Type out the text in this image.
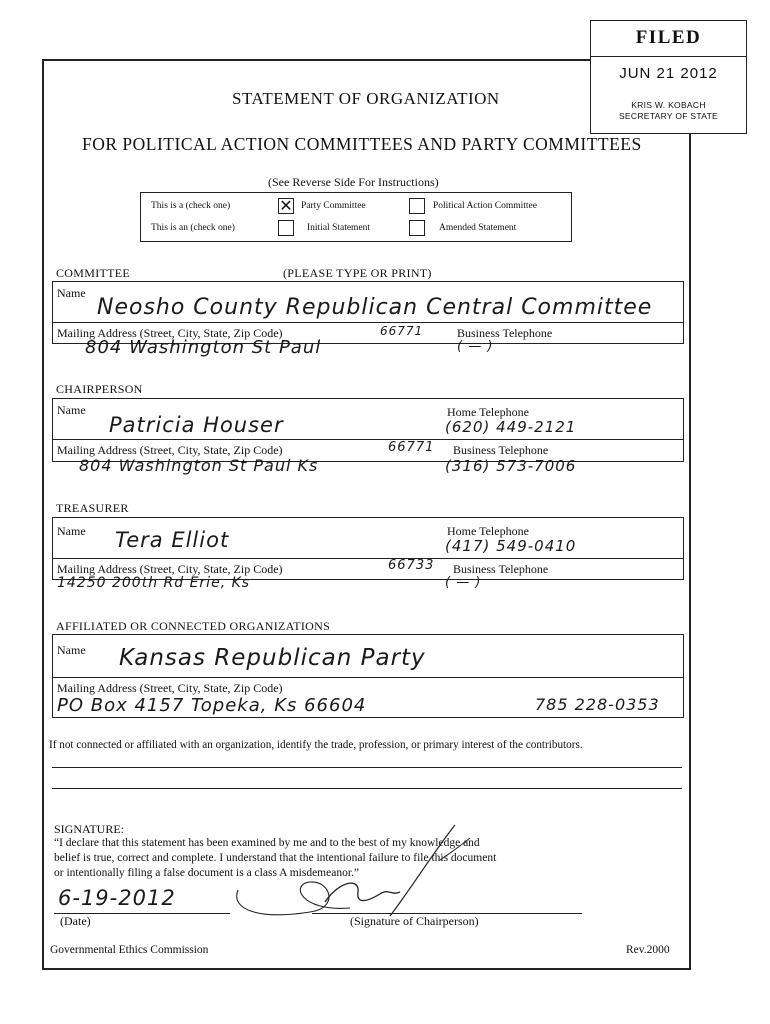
FILED
JUN 21 2012
KRIS W. KOBACH
SECRETARY OF STATE
STATEMENT OF ORGANIZATION
FOR POLITICAL ACTION COMMITTEES AND PARTY COMMITTEES
(See Reverse Side For Instructions)
This is a (check one)
This is an (check one)
✕ Party Committee	Political Action Committee
Initial Statement	Amended Statement
COMMITTEE	(PLEASE TYPE OR PRINT)
Name
Neosho County Republican Central Committee
Mailing Address (Street, City, State, Zip Code)	66771	Business Telephone
804 Washington St Paul	( — )
CHAIRPERSON
Name
Patricia Houser
Home Telephone
(620) 449-2121
Mailing Address (Street, City, State, Zip Code)	66771 Business Telephone
804 Washington St Paul Ks	(316) 573-7006
TREASURER
Name Tera Elliot	Home Telephone
(417) 549-0410
Mailing Address (Street, City, State, Zip Code)	66733 Business Telephone
14250 200th Rd Erie, Ks	( — )
AFFILIATED OR CONNECTED ORGANIZATIONS
Name Kansas Republican Party
Mailing Address (Street, City, State, Zip Code)
PO Box 4157 Topeka, Ks 66604	785 228-0353
If not connected or affiliated with an organization, identify the trade, profession, or primary interest of the contributors.
SIGNATURE:
“I declare that this statement has been examined by me and to the best of my knowledge and
belief is true, correct and complete. I understand that the intentional failure to file this document
or intentionally filing a false document is a class A misdemeanor.”
6-19-2012
(Date)	(Signature of Chairperson)
Governmental Ethics Commission	Rev.2000
